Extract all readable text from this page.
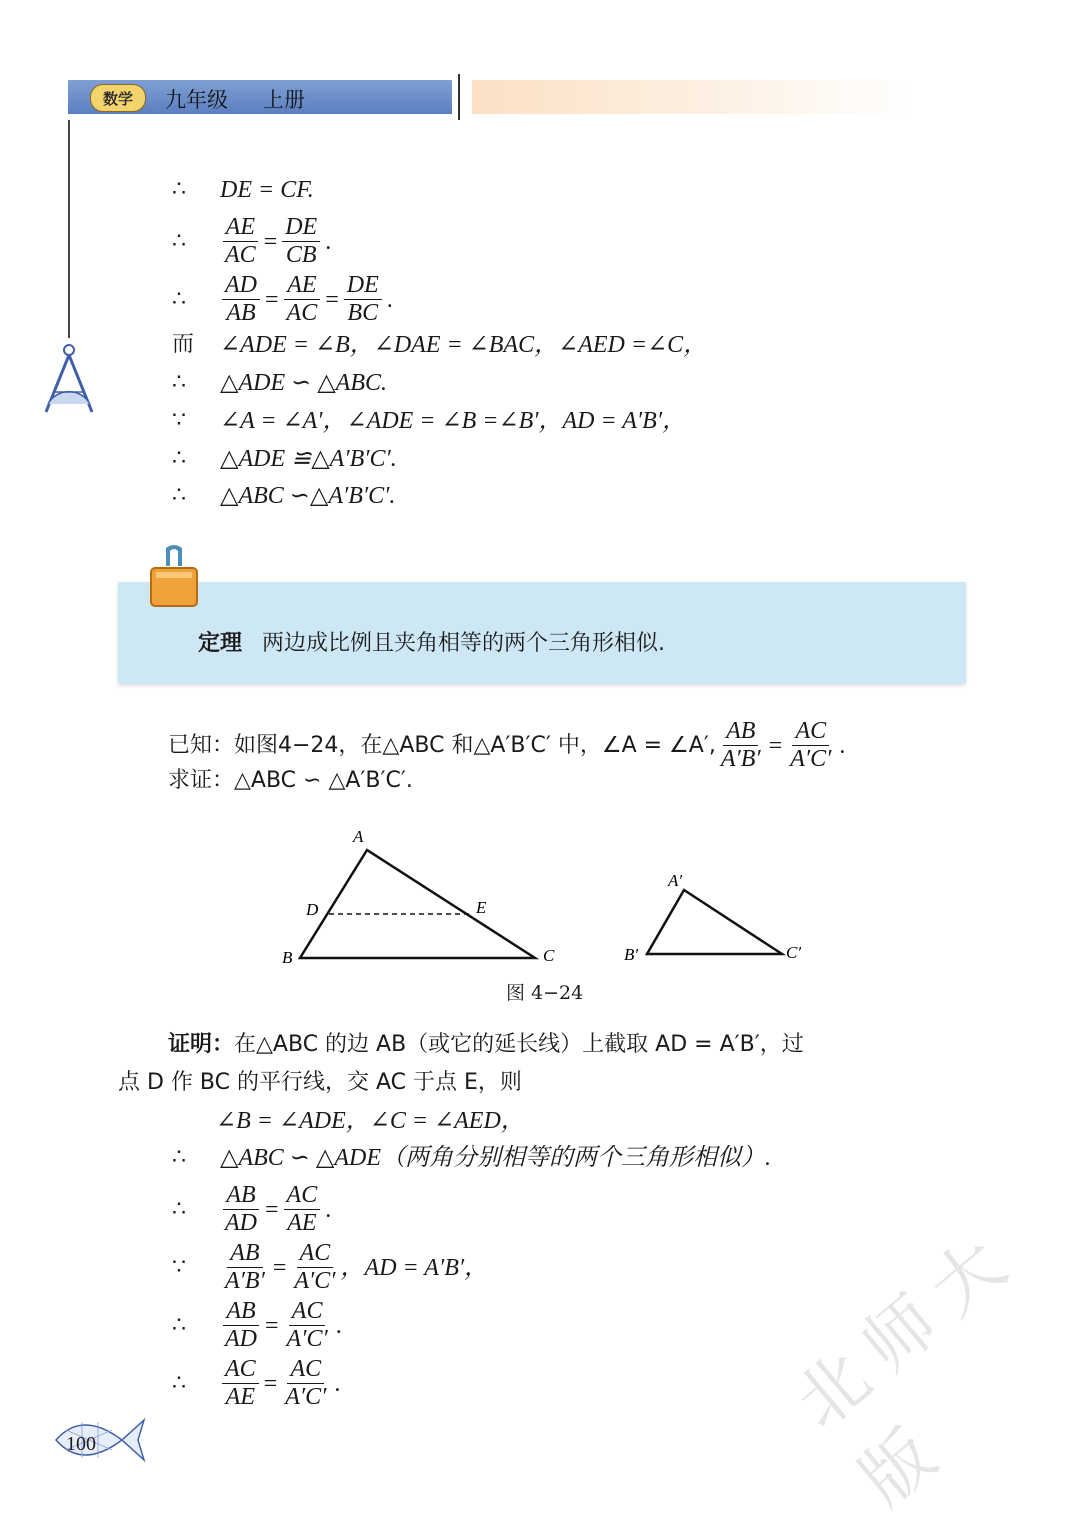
数学	九年级 上册
∴	DE = CF.
∴	$\frac{AE}{AC} = \frac{DE}{CB}$ .
∴	$\frac{AD}{AB} = \frac{AE}{AC} = \frac{DE}{BC}$ .
而	∠ADE = ∠B，∠DAE = ∠BAC，∠AED =∠C，
∴	△ADE ∽ △ABC.
∵	∠A = ∠A′，∠ADE = ∠B =∠B′，AD = A′B′，
∴	△ADE ≌△A′B′C′.
∴	△ABC ∽△A′B′C′.
定理 两边成比例且夹角相等的两个三角形相似.
已知：如图4−24，在△ABC 和△A′B′C′ 中，∠A = ∠A′, $\frac{AB}{A'B'} = \frac{AC}{A'C'}$ .
求证：△ABC ∽ △A′B′C′.
A
B	C
D	E
A′
B′	C′
图 4−24
证明： 在△ABC 的边 AB（或它的延长线）上截取 AD = A′B′，过
点 D 作 BC 的平行线，交 AC 于点 E，则
∠B = ∠ADE，∠C = ∠AED，
∴	△ABC ∽ △ADE（两角分别相等的两个三角形相似）.
∴	$\frac{AB}{AD} = \frac{AC}{AE}$ .
∵	$\frac{AB}{A'B'} = \frac{AC}{A'C'}$ ，AD = A′B′，
∴	$\frac{AB}{AD} = \frac{AC}{A'C'}$ .
∴	$\frac{AC}{AE} = \frac{AC}{A'C'}$ .
100	北师大版
